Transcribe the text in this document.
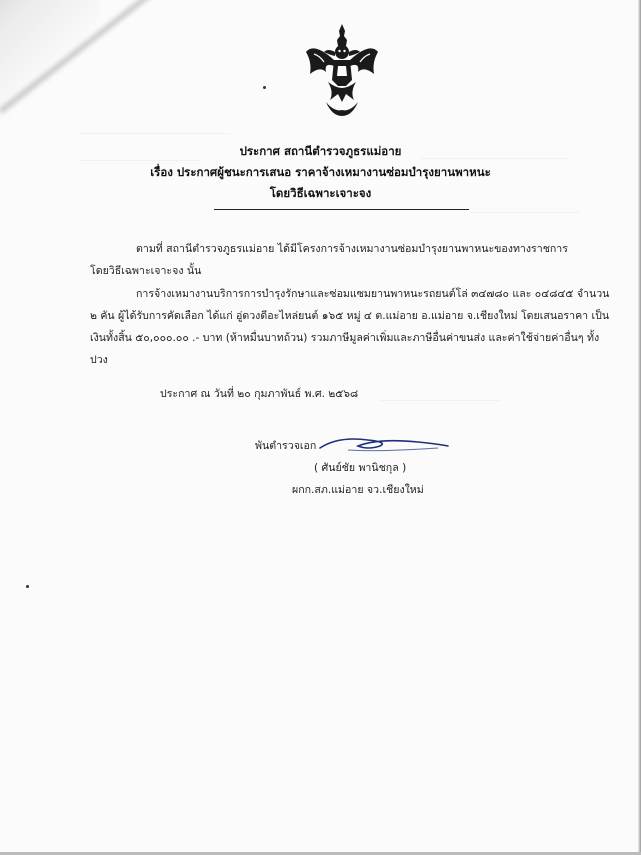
ประกาศ สถานีตำรวจภูธรแม่อาย
เรื่อง ประกาศผู้ชนะการเสนอ ราคาจ้างเหมางานซ่อมบำรุงยานพาหนะ
โดยวิธีเฉพาะเจาะจง
ตามที่ สถานีตำรวจภูธรแม่อาย ได้มีโครงการจ้างเหมางานซ่อมบำรุงยานพาหนะของทางราชการ
โดยวิธีเฉพาะเจาะจง นั้น
การจ้างเหมางานบริการการบำรุงรักษาและซ่อมแซมยานพาหนะรถยนต์โล่ ๓๔๗๘๐ และ ๐๔๘๔๕ จำนวน
๒ คัน ผู้ได้รับการคัดเลือก ได้แก่ อู่ดวงดีอะไหล่ยนต์ ๑๖๕ หมู่ ๔ ต.แม่อาย อ.แม่อาย จ.เชียงใหม่ โดยเสนอราคา เป็น
เงินทั้งสิ้น ๕๐,๐๐๐.๐๐ .- บาท (ห้าหมื่นบาทถ้วน) รวมภาษีมูลค่าเพิ่มและภาษีอื่นค่าขนส่ง และค่าใช้จ่ายค่าอื่นๆ ทั้ง
ปวง
ประกาศ ณ วันที่ ๒๐ กุมภาพันธ์ พ.ศ. ๒๕๖๘
พันตำรวจเอก
( ศันย์ชัย พานิชกุล )
ผกก.สภ.แม่อาย จว.เชียงใหม่
